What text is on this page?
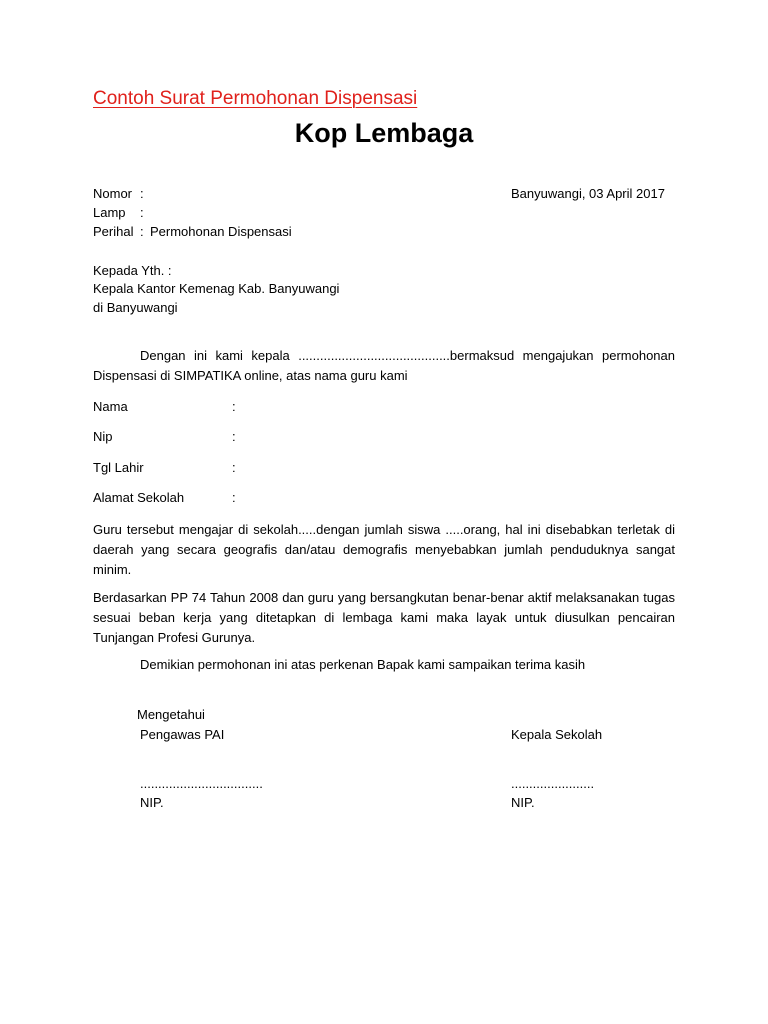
Contoh Surat Permohonan Dispensasi
Kop Lembaga
Nomor :
Lamp :
Perihal : Permohonan Dispensasi
Banyuwangi, 03 April 2017
Kepada Yth. :
Kepala Kantor Kemenag Kab. Banyuwangi
di Banyuwangi
Dengan ini kami kepala ..........................................bermaksud mengajukan permohonan Dispensasi di SIMPATIKA online, atas nama guru kami
Nama	:
Nip	:
Tgl Lahir	:
Alamat Sekolah	:
Guru tersebut mengajar di sekolah.....dengan jumlah siswa .....orang, hal ini disebabkan terletak di daerah yang secara geografis dan/atau demografis menyebabkan jumlah penduduknya sangat minim.
Berdasarkan PP 74 Tahun 2008 dan guru yang bersangkutan benar-benar aktif melaksanakan tugas sesuai beban kerja yang ditetapkan di lembaga kami maka layak untuk diusulkan pencairan Tunjangan Profesi Gurunya.
Demikian permohonan ini atas perkenan Bapak kami sampaikan terima kasih
Mengetahui
Pengawas PAI	Kepala Sekolah
..................................	.......................
NIP.	NIP.
